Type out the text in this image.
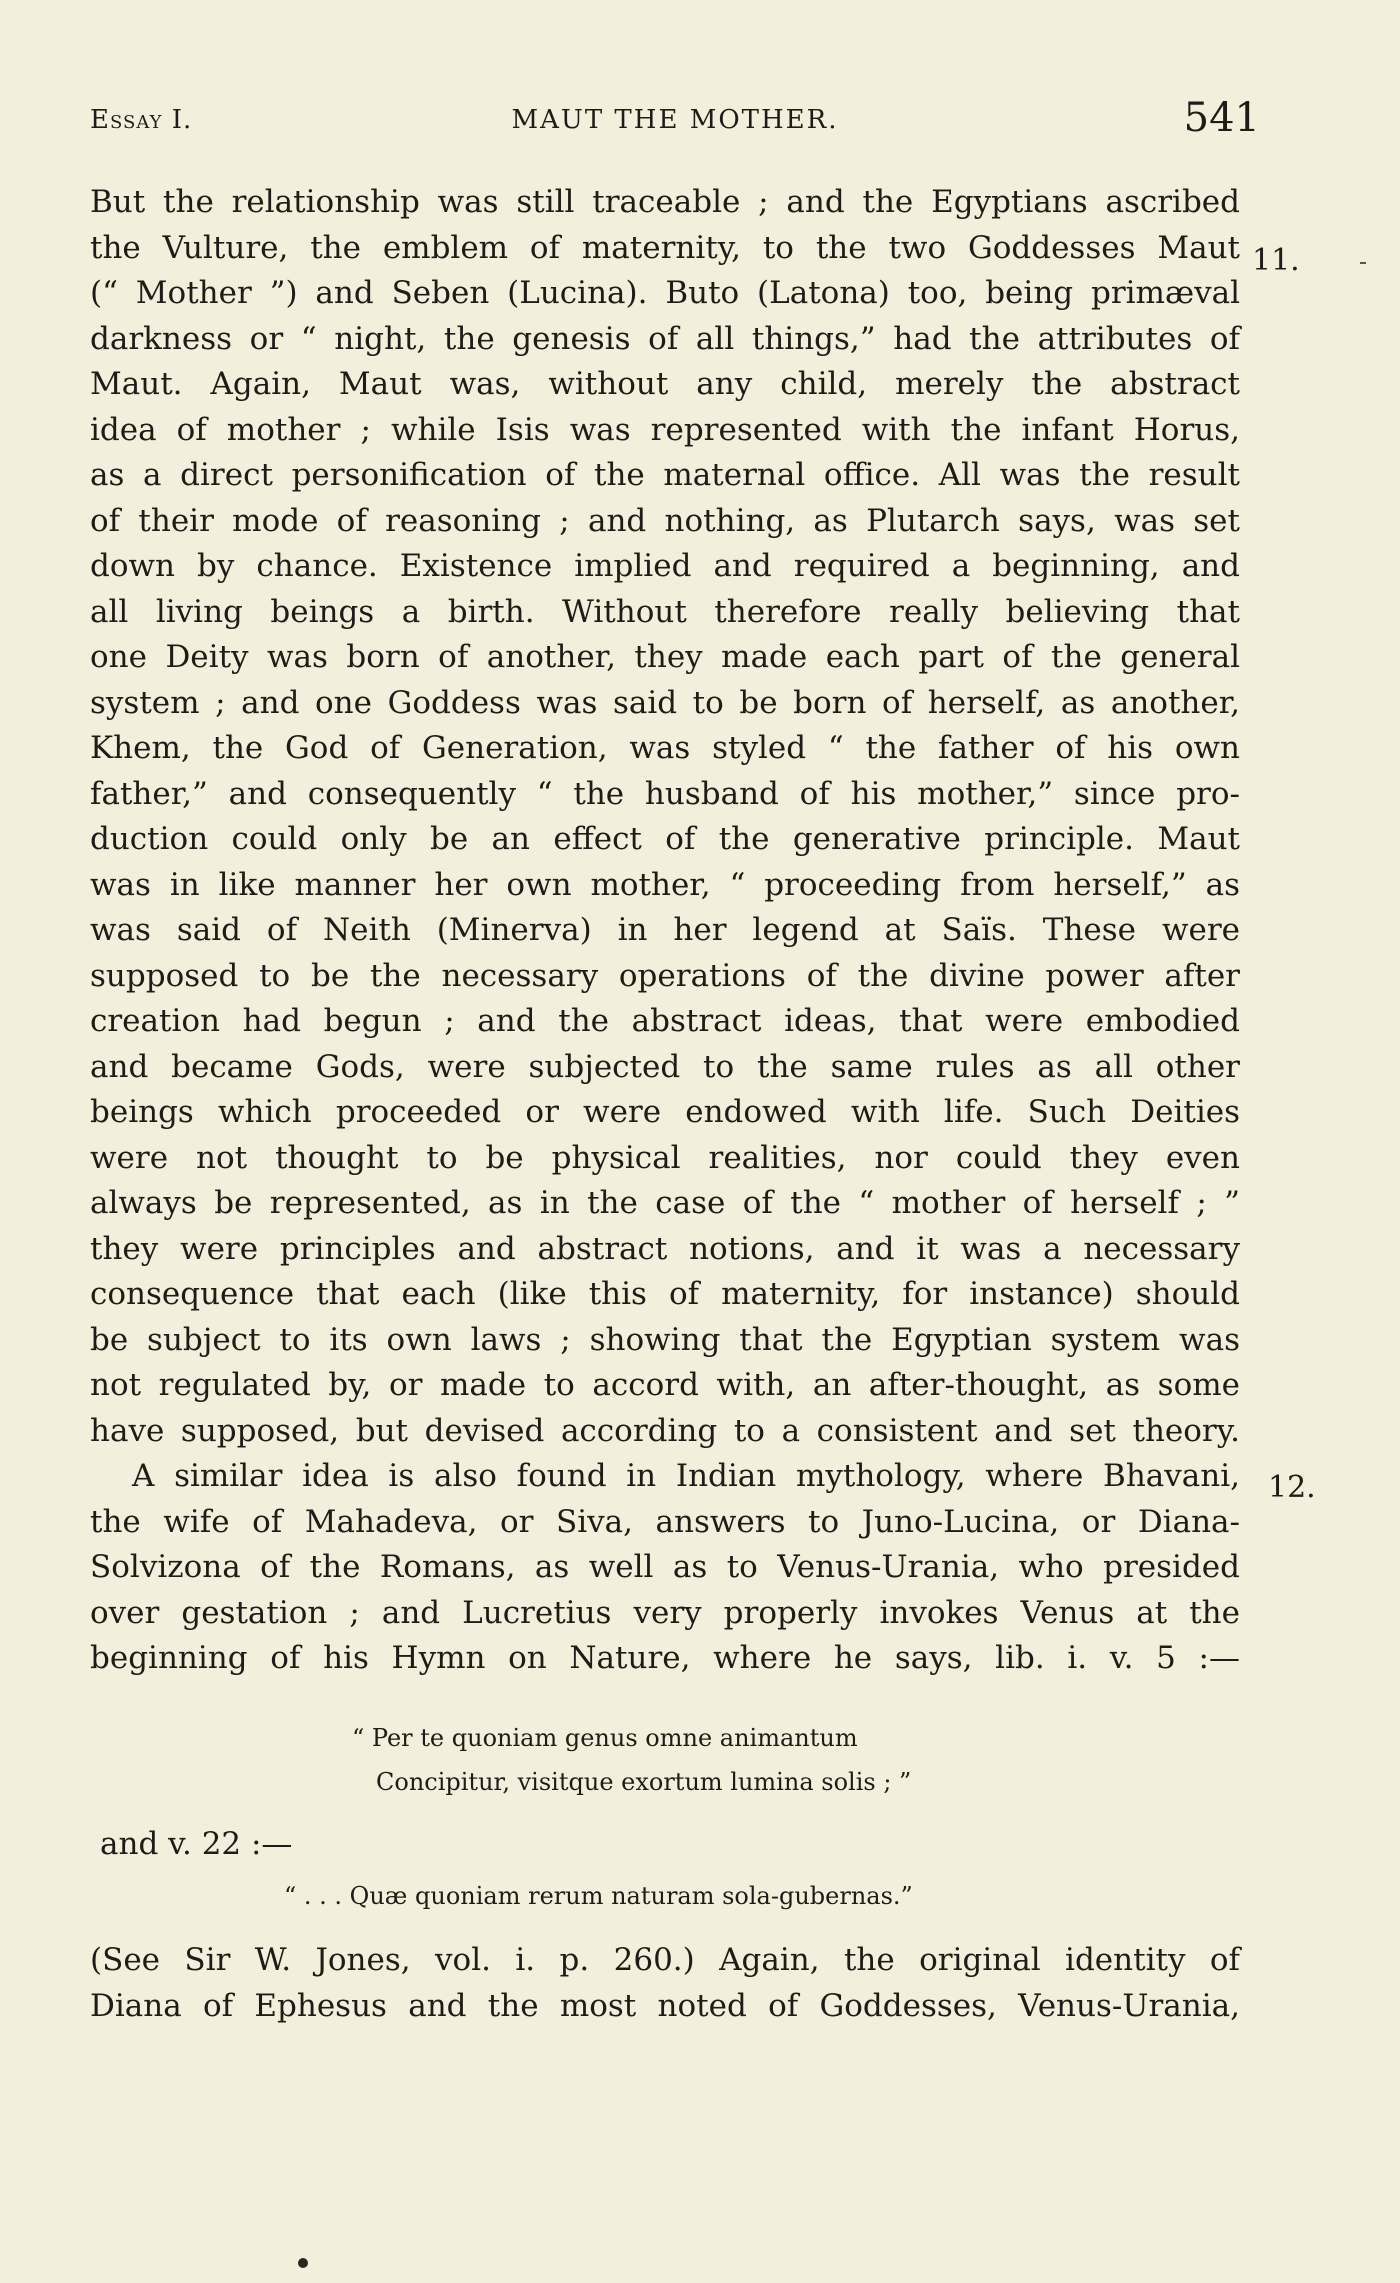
Essay I.	MAUT THE MOTHER.	541
But the relationship was still traceable ; and the Egyptians ascribed
the Vulture, the emblem of maternity, to the two Goddesses Maut
(“ Mother ”) and Seben (Lucina). Buto (Latona) too, being primæval
darkness or “ night, the genesis of all things,” had the attributes of
Maut. Again, Maut was, without any child, merely the abstract
idea of mother ; while Isis was represented with the infant Horus,
as a direct personification of the maternal office. All was the result
of their mode of reasoning ; and nothing, as Plutarch says, was set
down by chance. Existence implied and required a beginning, and
all living beings a birth. Without therefore really believing that
one Deity was born of another, they made each part of the general
system ; and one Goddess was said to be born of herself, as another,
Khem, the God of Generation, was styled “ the father of his own
father,” and consequently “ the husband of his mother,” since pro-
duction could only be an effect of the generative principle. Maut
was in like manner her own mother, “ proceeding from herself,” as
was said of Neith (Minerva) in her legend at Saïs. These were
supposed to be the necessary operations of the divine power after
creation had begun ; and the abstract ideas, that were embodied
and became Gods, were subjected to the same rules as all other
beings which proceeded or were endowed with life. Such Deities
were not thought to be physical realities, nor could they even
always be represented, as in the case of the “ mother of herself ; ”
they were principles and abstract notions, and it was a necessary
consequence that each (like this of maternity, for instance) should
be subject to its own laws ; showing that the Egyptian system was
not regulated by, or made to accord with, an after-thought, as some
have supposed, but devised according to a consistent and set theory.
A similar idea is also found in Indian mythology, where Bhavani,
the wife of Mahadeva, or Siva, answers to Juno-Lucina, or Diana-
Solvizona of the Romans, as well as to Venus-Urania, who presided
over gestation ; and Lucretius very properly invokes Venus at the
beginning of his Hymn on Nature, where he says, lib. i. v. 5 :—
11.
12.
“ Per te quoniam genus omne animantum
Concipitur, visitque exortum lumina solis ; ”
and v. 22 :—
“ . . . Quæ quoniam rerum naturam sola-gubernas.”
(See Sir W. Jones, vol. i. p. 260.) Again, the original identity of
Diana of Ephesus and the most noted of Goddesses, Venus-Urania,
